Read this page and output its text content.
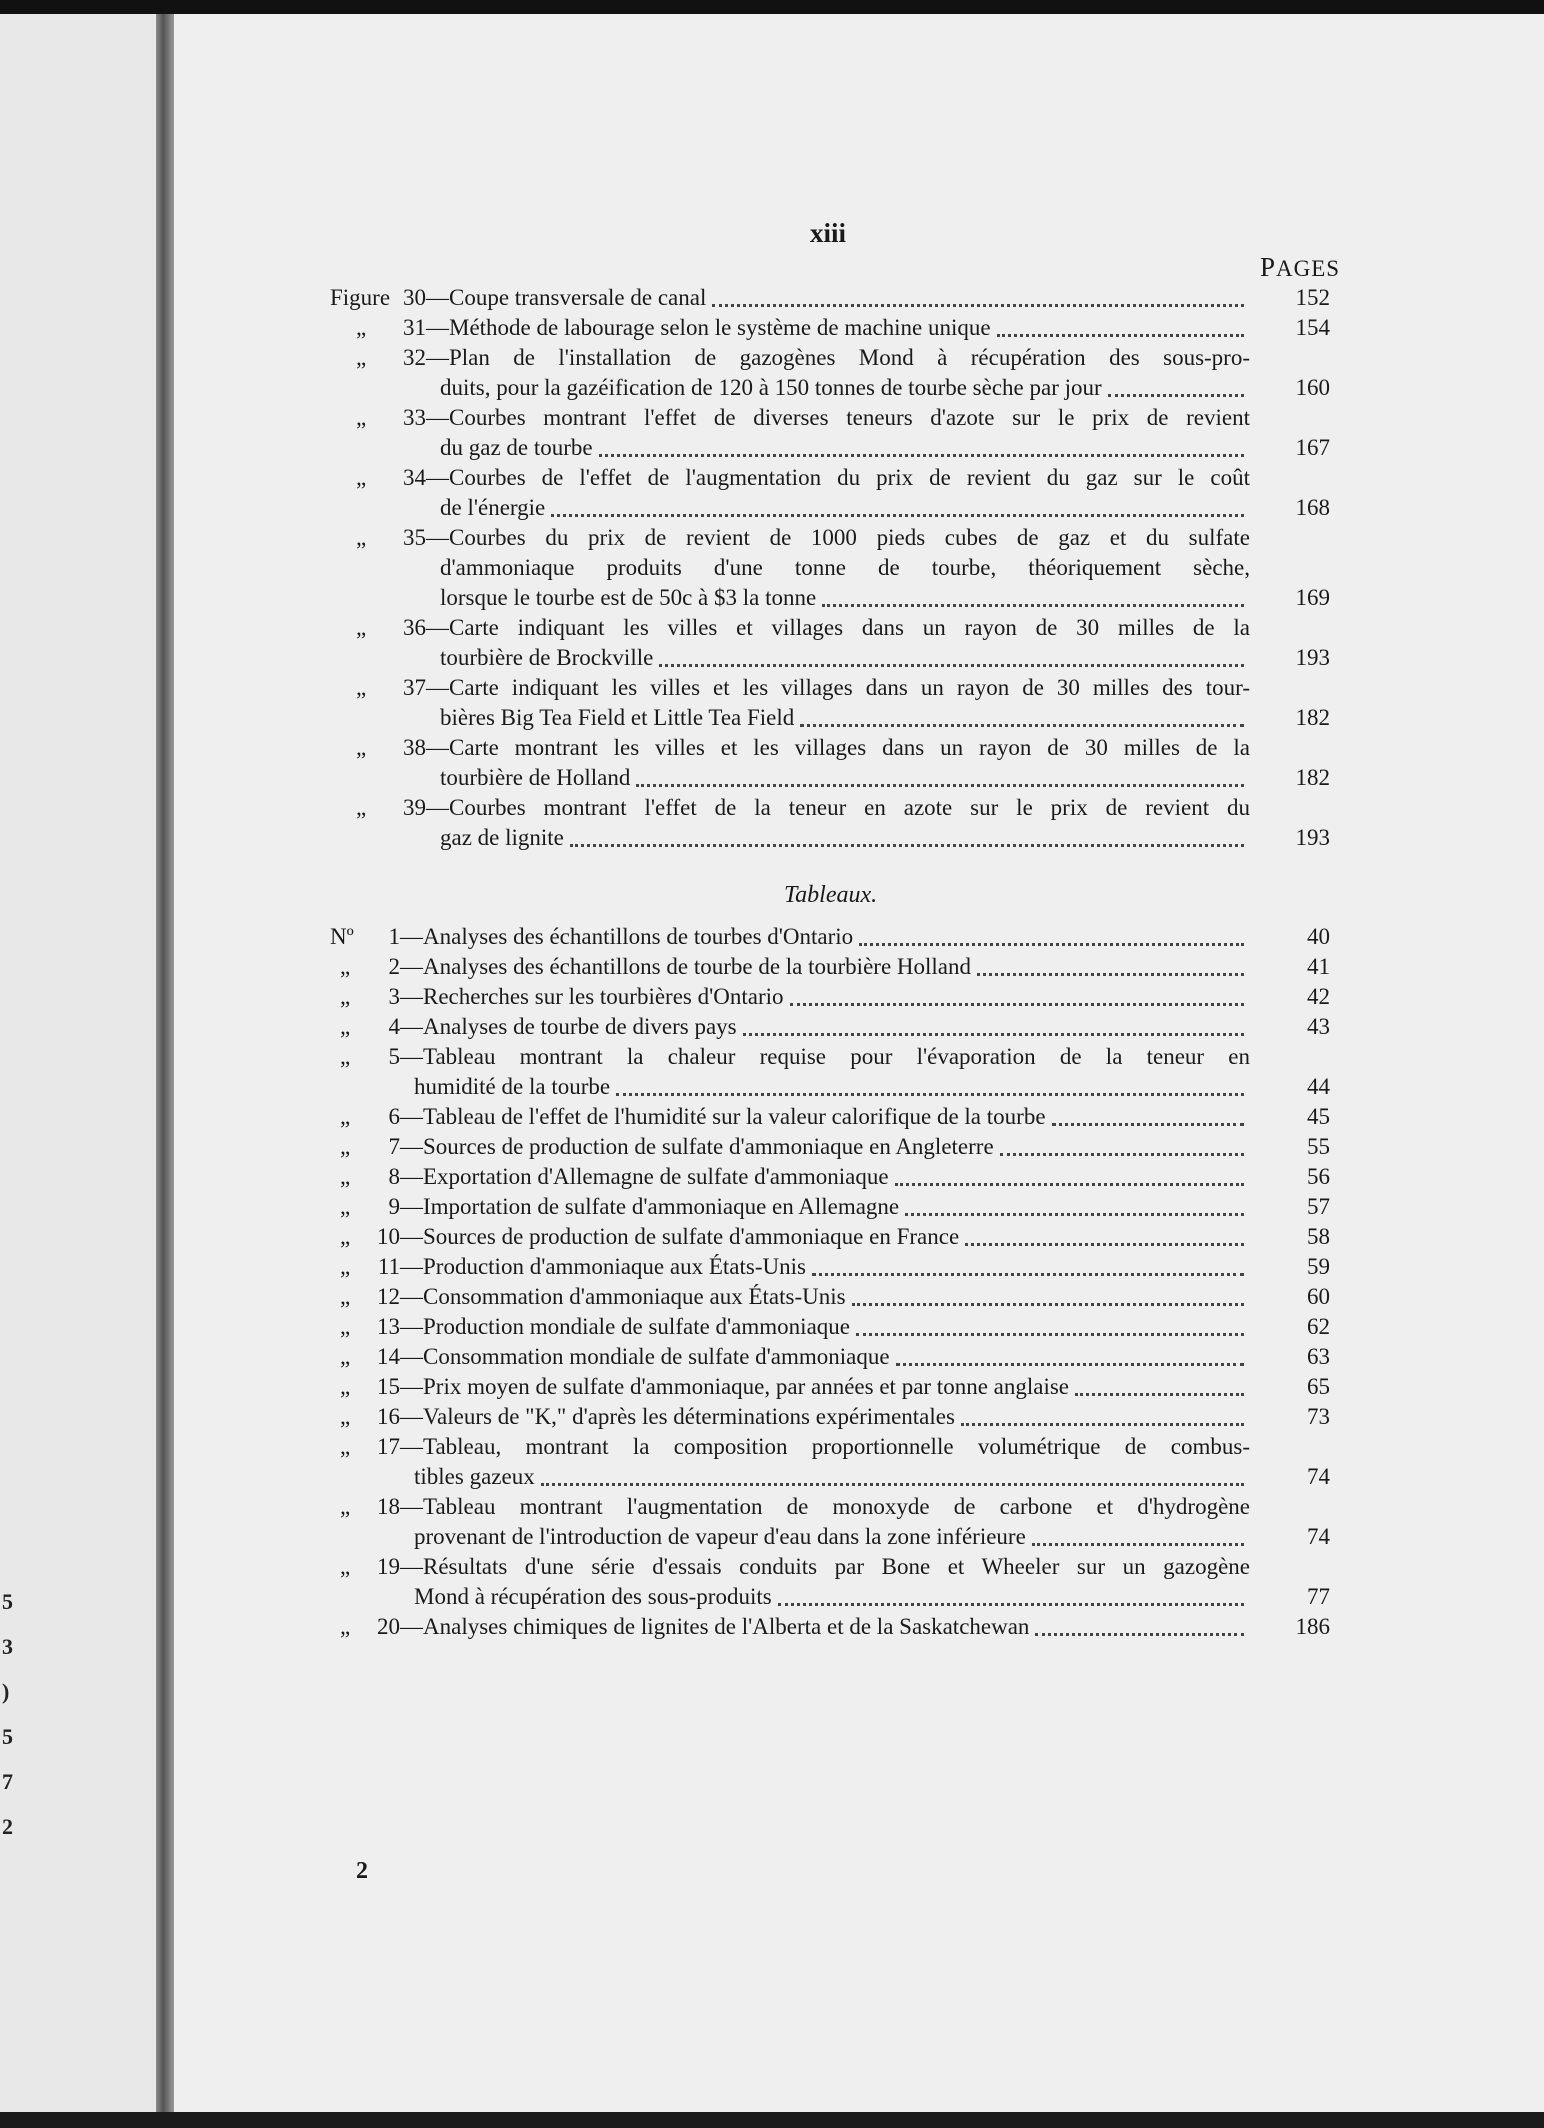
5
3
)
5
7
2
xiii
PAGES
Figure 30 —Coupe transversale de canal	152
„	31 —Méthode de labourage selon le système de machine unique	154
„	32 —Plan de l'installation de gazogènes Mond à récupération des sous-pro-
duits, pour la gazéification de 120 à 150 tonnes de tourbe sèche par jour	160
„	33 —Courbes montrant l'effet de diverses teneurs d'azote sur le prix de revient
du gaz de tourbe	167
„	34 —Courbes de l'effet de l'augmentation du prix de revient du gaz sur le coût
de l'énergie	168
„	35 —Courbes du prix de revient de 1000 pieds cubes de gaz et du sulfate
d'ammoniaque produits d'une tonne de tourbe, théoriquement sèche,
lorsque le tourbe est de 50c à $3 la tonne	169
„	36 —Carte indiquant les villes et villages dans un rayon de 30 milles de la
tourbière de Brockville	193
„	37 —Carte indiquant les villes et les villages dans un rayon de 30 milles des tour-
bières Big Tea Field et Little Tea Field	182
„	38 —Carte montrant les villes et les villages dans un rayon de 30 milles de la
tourbière de Holland	182
„	39 —Courbes montrant l'effet de la teneur en azote sur le prix de revient du
gaz de lignite	193
Tableaux.
Nº	1 —Analyses des échantillons de tourbes d'Ontario	40
„	2 —Analyses des échantillons de tourbe de la tourbière Holland	41
„	3 —Recherches sur les tourbières d'Ontario	42
„	4 —Analyses de tourbe de divers pays	43
„	5 —Tableau montrant la chaleur requise pour l'évaporation de la teneur en
humidité de la tourbe	44
„	6 —Tableau de l'effet de l'humidité sur la valeur calorifique de la tourbe	45
„	7 —Sources de production de sulfate d'ammoniaque en Angleterre	55
„	8 —Exportation d'Allemagne de sulfate d'ammoniaque	56
„	9 —Importation de sulfate d'ammoniaque en Allemagne	57
„	10 —Sources de production de sulfate d'ammoniaque en France	58
„	11 —Production d'ammoniaque aux États-Unis	59
„	12 —Consommation d'ammoniaque aux États-Unis	60
„	13 —Production mondiale de sulfate d'ammoniaque	62
„	14 —Consommation mondiale de sulfate d'ammoniaque	63
„	15 —Prix moyen de sulfate d'ammoniaque, par années et par tonne anglaise	65
„	16 —Valeurs de "K," d'après les déterminations expérimentales	73
„	17 —Tableau, montrant la composition proportionnelle volumétrique de combus-
tibles gazeux	74
„	18 —Tableau montrant l'augmentation de monoxyde de carbone et d'hydrogène
provenant de l'introduction de vapeur d'eau dans la zone inférieure	74
„	19 —Résultats d'une série d'essais conduits par Bone et Wheeler sur un gazogène
Mond à récupération des sous-produits	77
„	20 —Analyses chimiques de lignites de l'Alberta et de la Saskatchewan	186
2
